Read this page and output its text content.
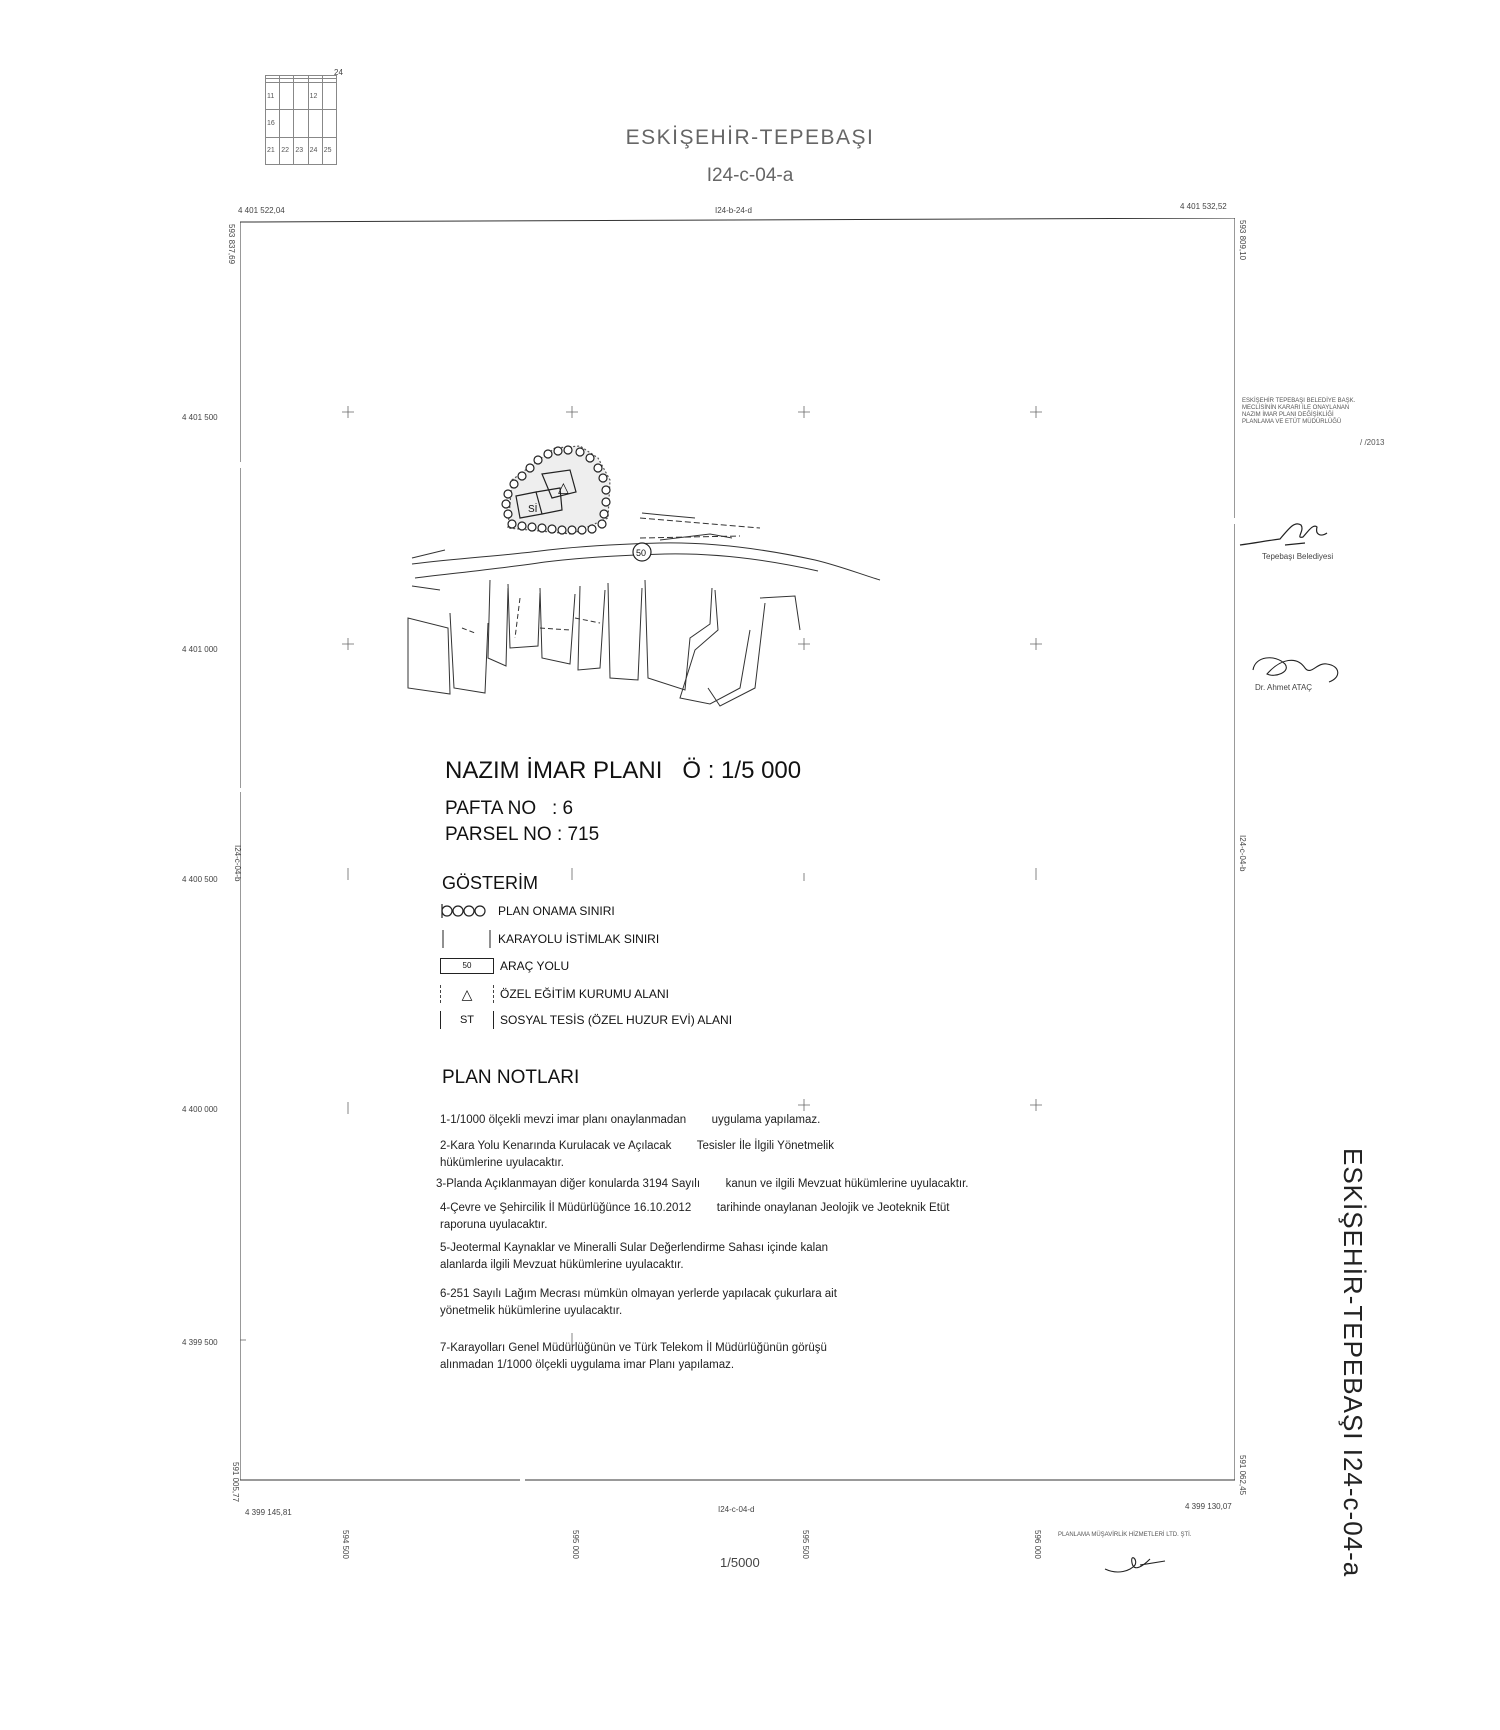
11			12	
16				
21	22	23	24	25
24
ESKİŞEHİR-TEPEBAŞI
I24-c-04-a
4 401 522,04	4 401 532,52
I24-b-24-d
4 399 145,81
4 399 130,07
I24-c-04-d
593 837,69	593 809,10
I24-c-04-b	I24-c-04-b
591 005,77	591 062,45
4 401 500
4 401 000
4 400 500
4 400 000
4 399 500
594 500	595 000	595 500	596 000
△
Sİ
50
NAZIM İMAR PLANI Ö : 1/5 000
PAFTA NO : 6
PARSEL NO : 715
GÖSTERİM
PLAN ONAMA SINIRI
KARAYOLU İSTİMLAK SINIRI
50	ARAÇ YOLU
△	ÖZEL EĞİTİM KURUMU ALANI
ST	SOSYAL TESİS (ÖZEL HUZUR EVİ) ALANI
PLAN NOTLARI
1-1/1000 ölçekli mevzi imar planı onaylanmadan        uygulama yapılamaz.
2-Kara Yolu Kenarında Kurulacak ve Açılacak        Tesisler İle İlgili Yönetmelik
hükümlerine uyulacaktır.
3-Planda Açıklanmayan diğer konularda 3194 Sayılı        kanun ve ilgili Mevzuat hükümlerine uyulacaktır.
4-Çevre ve Şehircilik İl Müdürlüğünce 16.10.2012        tarihinde onaylanan Jeolojik ve Jeoteknik Etüt
raporuna uyulacaktır.
5-Jeotermal Kaynaklar ve Mineralli Sular Değerlendirme Sahası içinde kalan
alanlarda ilgili Mevzuat hükümlerine uyulacaktır.
6-251 Sayılı Lağım Mecrası mümkün olmayan yerlerde yapılacak çukurlara ait
yönetmelik hükümlerine uyulacaktır.
7-Karayolları Genel Müdürlüğünün ve Türk Telekom İl Müdürlüğünün görüşü
alınmadan 1/1000 ölçekli uygulama imar Planı yapılamaz.	ESKİŞEHİR-TEPEBAŞI I24-c-04-a
ESKİŞEHİR TEPEBAŞI BELEDİYE BAŞK.
MECLİSİNİN KARARI İLE ONAYLANAN
NAZIM İMAR PLANI DEĞİŞİKLİĞİ
PLANLAMA VE ETÜT MÜDÜRLÜĞÜ
/ /2013
Tepebaşı Belediyesi
Dr. Ahmet ATAÇ
PLANLAMA MÜŞAVİRLİK HİZMETLERİ LTD. ŞTİ.
1/5000
